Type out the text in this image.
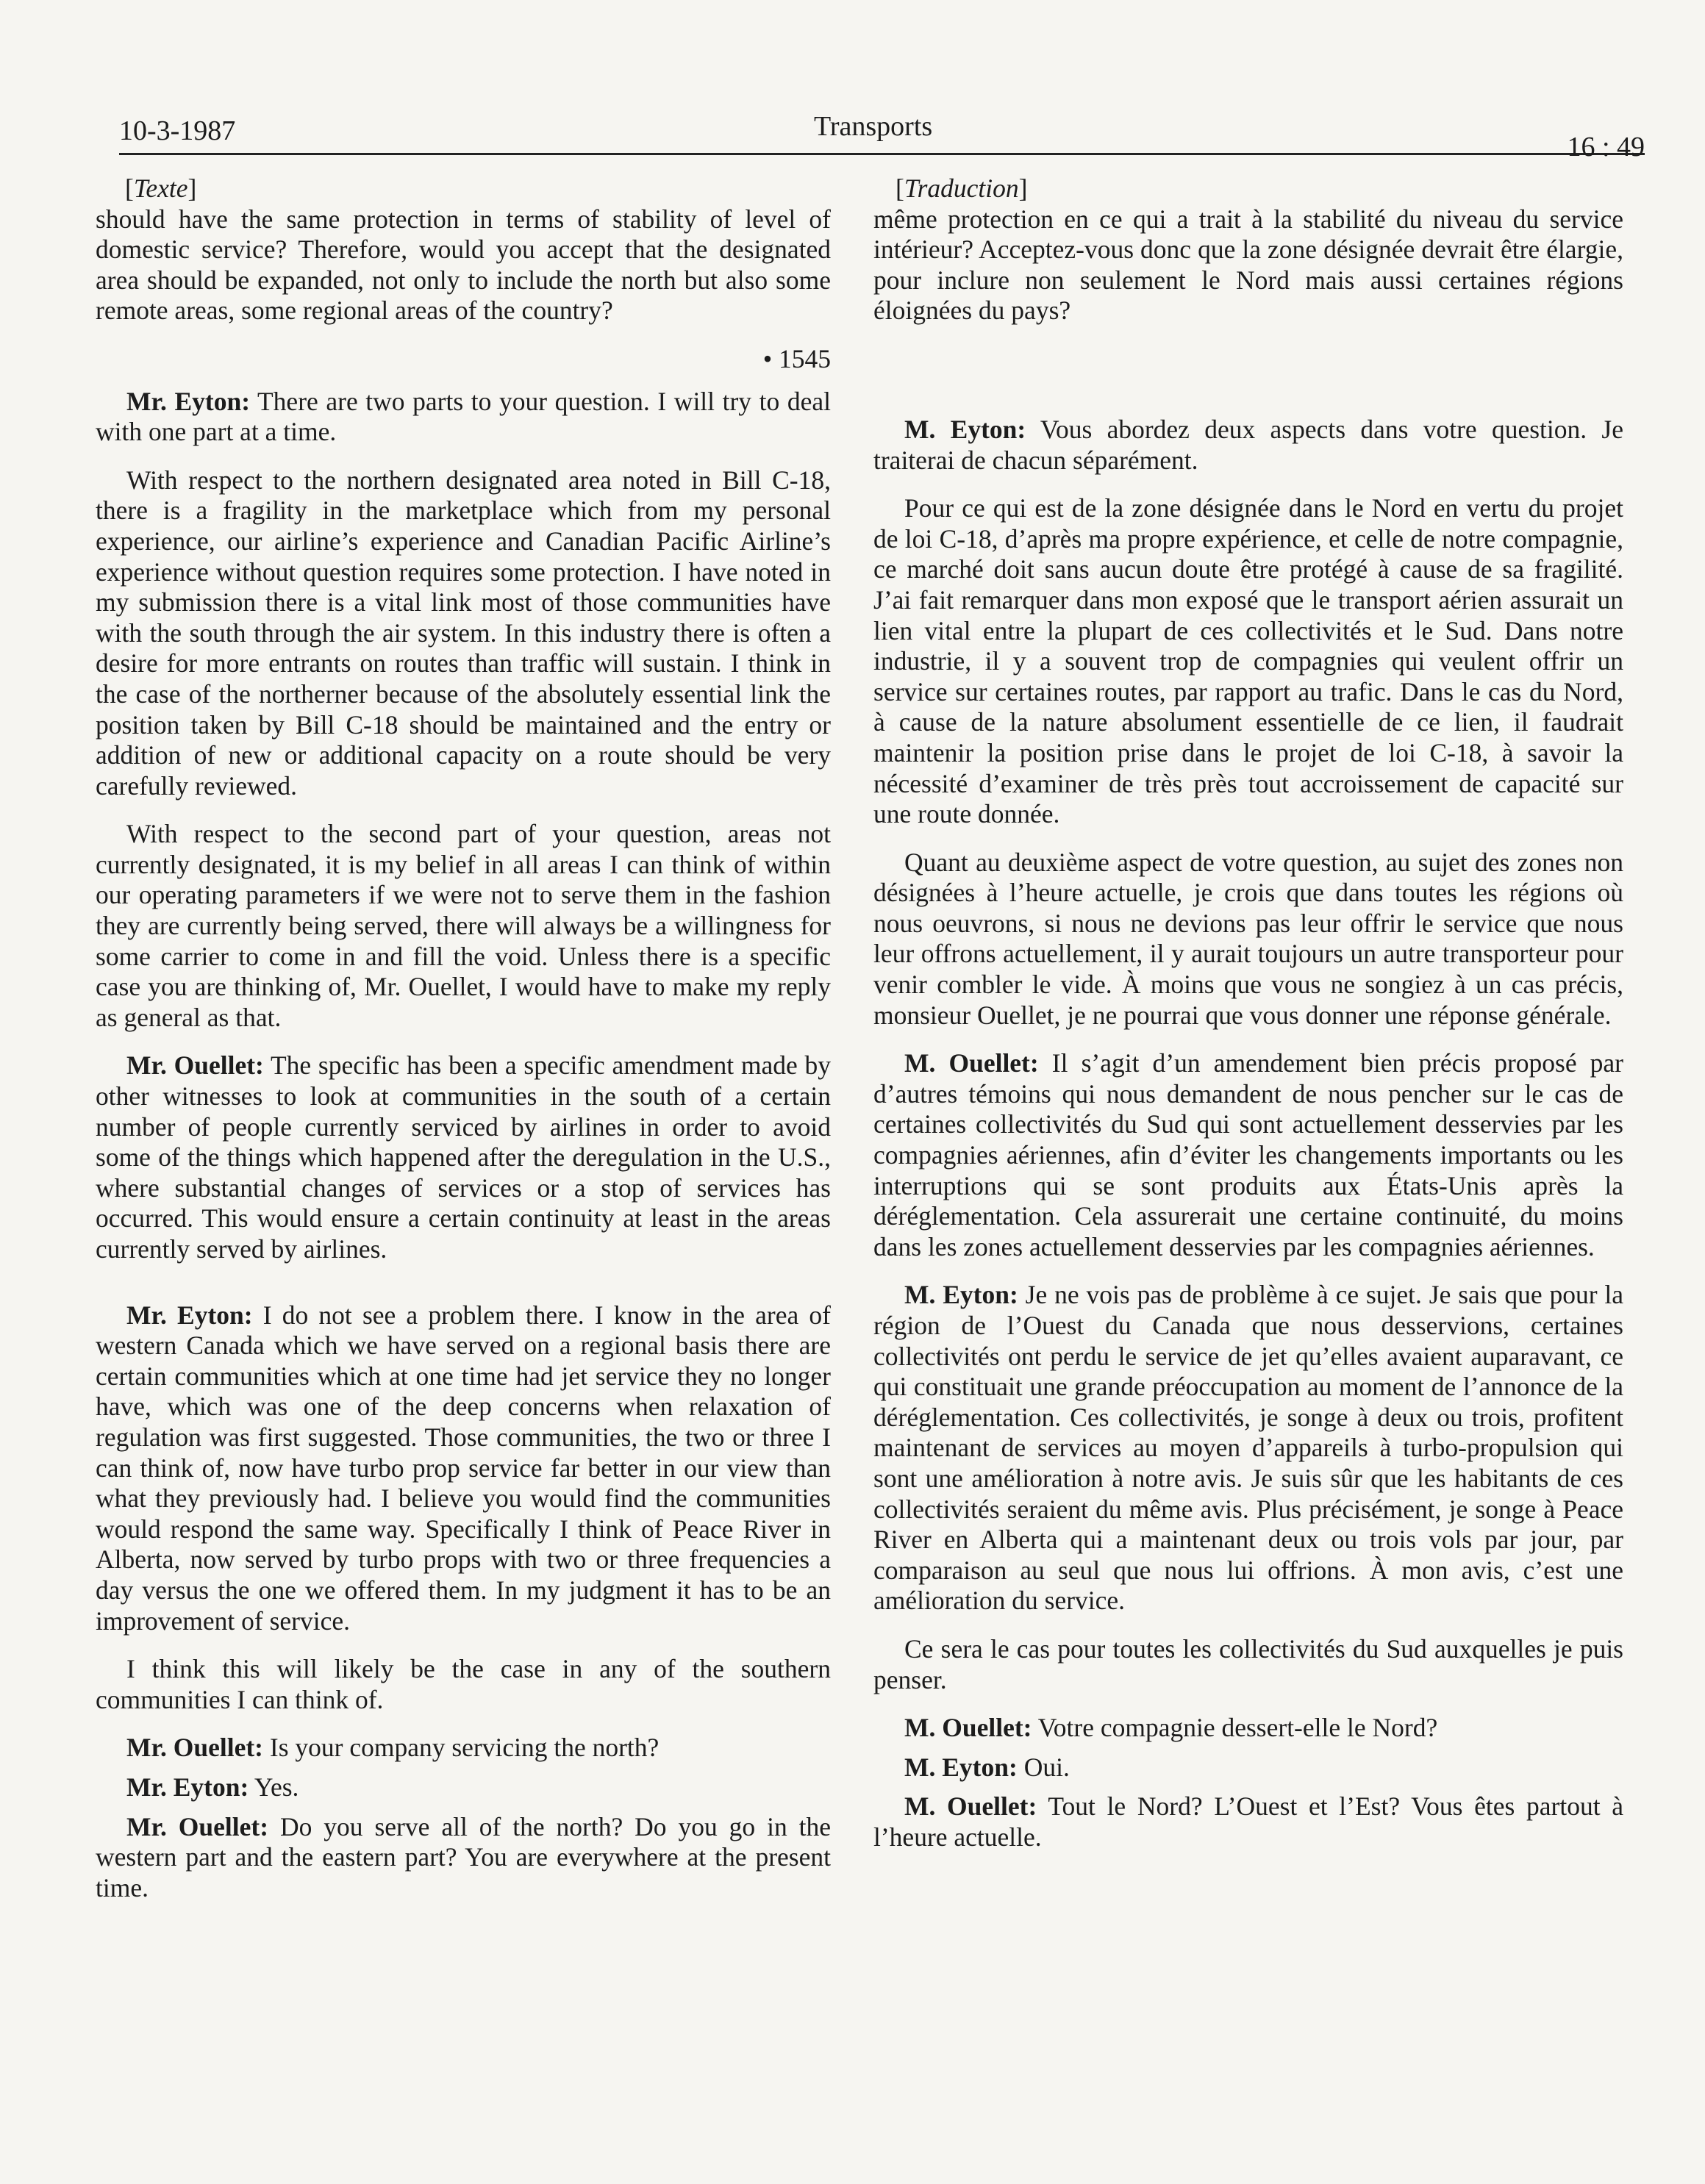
10-3-1987	Transports
16 : 49
[Texte]

should have the same protection in terms of stability of level of domestic service? Therefore, would you accept that the designated area should be expanded, not only to include the north but also some remote areas, some regional areas of the country?

• 1545

Mr. Eyton: There are two parts to your question. I will try to deal with one part at a time.

With respect to the northern designated area noted in Bill C-18, there is a fragility in the marketplace which from my personal experience, our airline’s experience and Canadian Pacific Airline’s experience without question requires some protection. I have noted in my submission there is a vital link most of those communities have with the south through the air system. In this industry there is often a desire for more entrants on routes than traffic will sustain. I think in the case of the northerner because of the absolutely essential link the position taken by Bill C-18 should be maintained and the entry or addition of new or additional capacity on a route should be very carefully reviewed.

With respect to the second part of your question, areas not currently designated, it is my belief in all areas I can think of within our operating parameters if we were not to serve them in the fashion they are currently being served, there will always be a willingness for some carrier to come in and fill the void. Unless there is a specific case you are thinking of, Mr. Ouellet, I would have to make my reply as general as that.

Mr. Ouellet: The specific has been a specific amendment made by other witnesses to look at communities in the south of a certain number of people currently serviced by airlines in order to avoid some of the things which happened after the deregulation in the U.S., where substantial changes of services or a stop of services has occurred. This would ensure a certain continuity at least in the areas currently served by airlines.

Mr. Eyton: I do not see a problem there. I know in the area of western Canada which we have served on a regional basis there are certain communities which at one time had jet service they no longer have, which was one of the deep concerns when relaxation of regulation was first suggested. Those communities, the two or three I can think of, now have turbo prop service far better in our view than what they previously had. I believe you would find the communities would respond the same way. Specifically I think of Peace River in Alberta, now served by turbo props with two or three frequencies a day versus the one we offered them. In my judgment it has to be an improvement of service.

I think this will likely be the case in any of the southern communities I can think of.

Mr. Ouellet: Is your company servicing the north?

Mr. Eyton: Yes.

Mr. Ouellet: Do you serve all of the north? Do you go in the western part and the eastern part? You are everywhere at the present time.

[Traduction]

même protection en ce qui a trait à la stabilité du niveau du service intérieur? Acceptez-vous donc que la zone désignée devrait être élargie, pour inclure non seulement le Nord mais aussi certaines régions éloignées du pays?

M. Eyton: Vous abordez deux aspects dans votre question. Je traiterai de chacun séparément.

Pour ce qui est de la zone désignée dans le Nord en vertu du projet de loi C-18, d’après ma propre expérience, et celle de notre compagnie, ce marché doit sans aucun doute être protégé à cause de sa fragilité. J’ai fait remarquer dans mon exposé que le transport aérien assurait un lien vital entre la plupart de ces collectivités et le Sud. Dans notre industrie, il y a souvent trop de compagnies qui veulent offrir un service sur certaines routes, par rapport au trafic. Dans le cas du Nord, à cause de la nature absolument essentielle de ce lien, il faudrait maintenir la position prise dans le projet de loi C-18, à savoir la nécessité d’examiner de très près tout accroissement de capacité sur une route donnée.

Quant au deuxième aspect de votre question, au sujet des zones non désignées à l’heure actuelle, je crois que dans toutes les régions où nous oeuvrons, si nous ne devions pas leur offrir le service que nous leur offrons actuellement, il y aurait toujours un autre transporteur pour venir combler le vide. À moins que vous ne songiez à un cas précis, monsieur Ouellet, je ne pourrai que vous donner une réponse générale.

M. Ouellet: Il s’agit d’un amendement bien précis proposé par d’autres témoins qui nous demandent de nous pencher sur le cas de certaines collectivités du Sud qui sont actuellement desservies par les compagnies aériennes, afin d’éviter les changements importants ou les interruptions qui se sont produits aux États-Unis après la déréglementation. Cela assurerait une certaine continuité, du moins dans les zones actuellement desservies par les compagnies aériennes.

M. Eyton: Je ne vois pas de problème à ce sujet. Je sais que pour la région de l’Ouest du Canada que nous desservions, certaines collectivités ont perdu le service de jet qu’elles avaient auparavant, ce qui constituait une grande préoccupation au moment de l’annonce de la déréglementation. Ces collectivités, je songe à deux ou trois, profitent maintenant de services au moyen d’appareils à turbo-propulsion qui sont une amélioration à notre avis. Je suis sûr que les habitants de ces collectivités seraient du même avis. Plus précisément, je songe à Peace River en Alberta qui a maintenant deux ou trois vols par jour, par comparaison au seul que nous lui offrions. À mon avis, c’est une amélioration du service.

Ce sera le cas pour toutes les collectivités du Sud auxquelles je puis penser.

M. Ouellet: Votre compagnie dessert-elle le Nord?

M. Eyton: Oui.

M. Ouellet: Tout le Nord? L’Ouest et l’Est? Vous êtes partout à l’heure actuelle.
